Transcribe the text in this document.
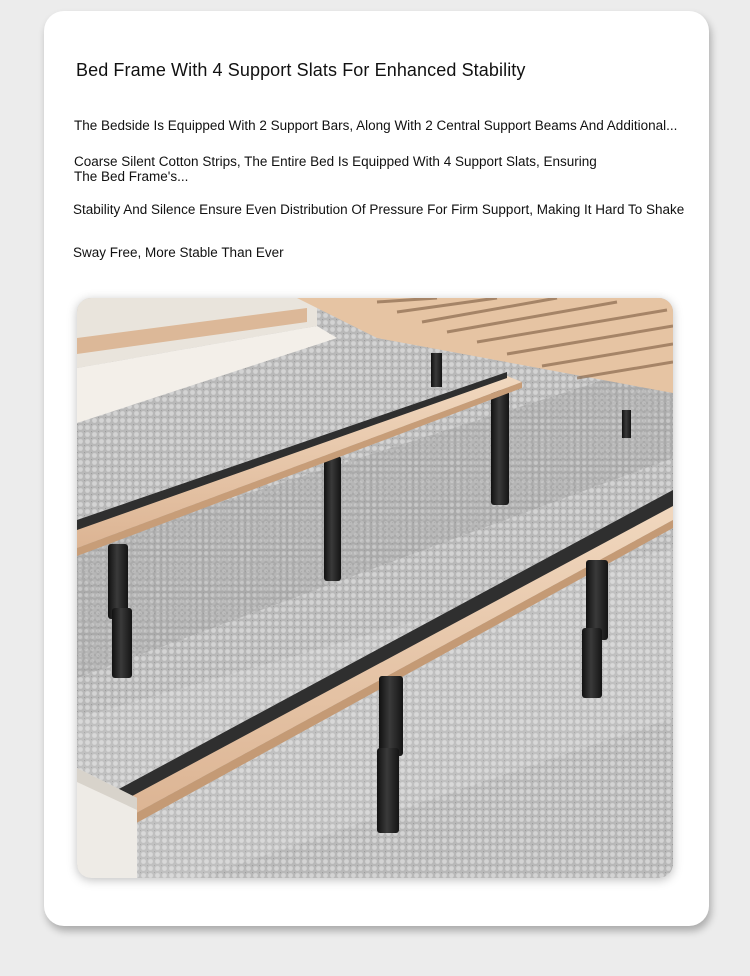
Bed Frame With 4 Support Slats For Enhanced Stability
The Bedside Is Equipped With 2 Support Bars, Along With 2 Central Support Beams And Additional...
Coarse Silent Cotton Strips, The Entire Bed Is Equipped With 4 Support Slats, Ensuring
The Bed Frame's...
Stability And Silence Ensure Even Distribution Of Pressure For Firm Support, Making It Hard To Shake
Sway Free, More Stable Than Ever
